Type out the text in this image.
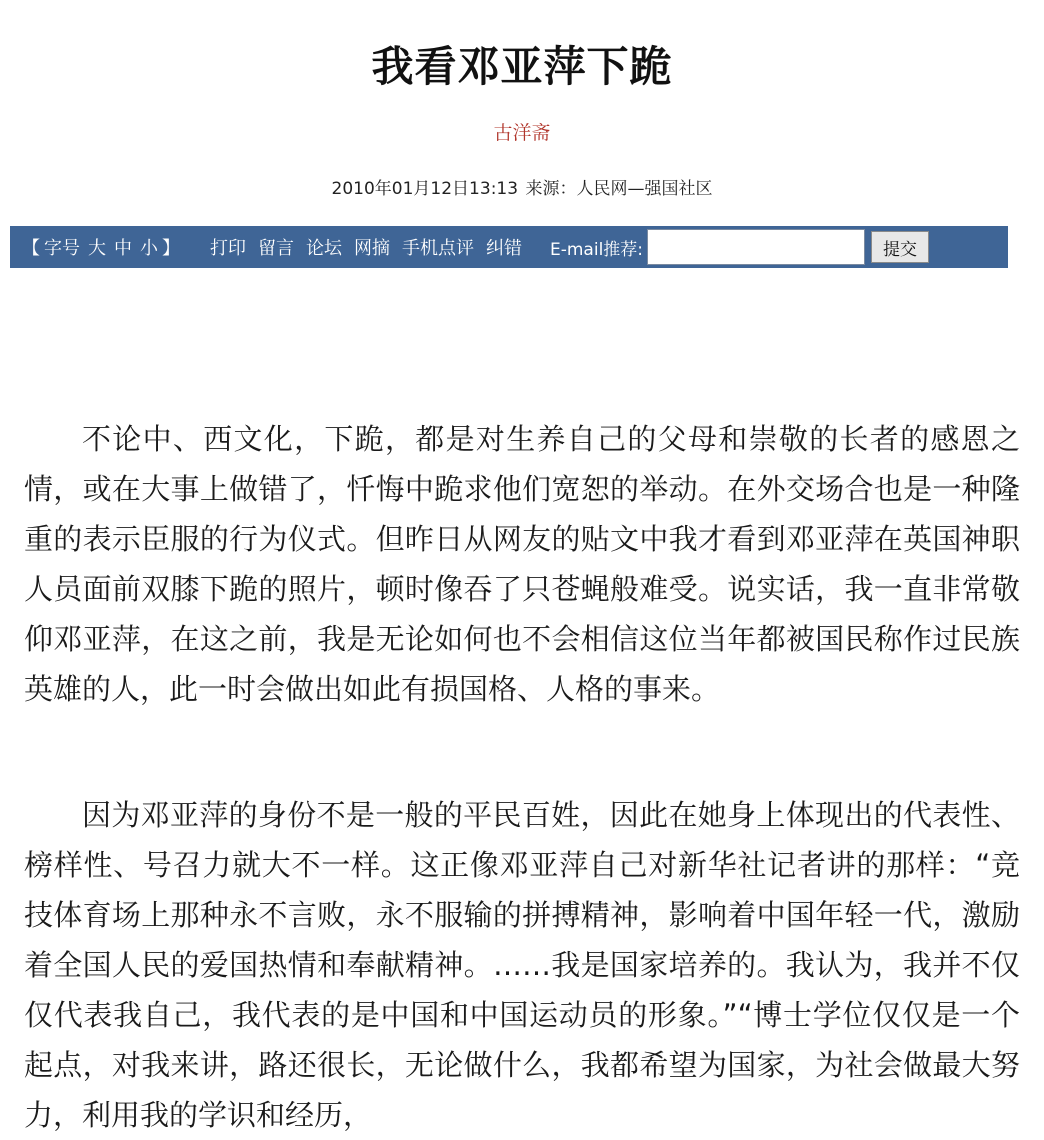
我看邓亚萍下跪
古洋斋
2010年01月12日13:13 来源：人民网—强国社区
【 字号 大 中 小 】 打印 留言 论坛 网摘 手机点评 纠错 E-mail推荐:	提交

不论中、西文化，下跪，都是对生养自己的父母和崇敬的长者的感恩之情，或在大事上做错了，忏悔中跪求他们宽恕的举动。在外交场合也是一种隆重的表示臣服的行为仪式。但昨日从网友的贴文中我才看到邓亚萍在英国神职人员面前双膝下跪的照片，顿时像吞了只苍蝇般难受。说实话，我一直非常敬仰邓亚萍，在这之前，我是无论如何也不会相信这位当年都被国民称作过民族英雄的人，此一时会做出如此有损国格、人格的事来。

因为邓亚萍的身份不是一般的平民百姓，因此在她身上体现出的代表性、榜样性、号召力就大不一样。这正像邓亚萍自己对新华社记者讲的那样：“竞技体育场上那种永不言败，永不服输的拼搏精神，影响着中国年轻一代，激励着全国人民的爱国热情和奉献精神。……我是国家培养的。我认为，我并不仅仅代表我自己，我代表的是中国和中国运动员的形象。”“博士学位仅仅是一个起点，对我来讲，路还很长，无论做什么，我都希望为国家，为社会做最大努力，利用我的学识和经历，
